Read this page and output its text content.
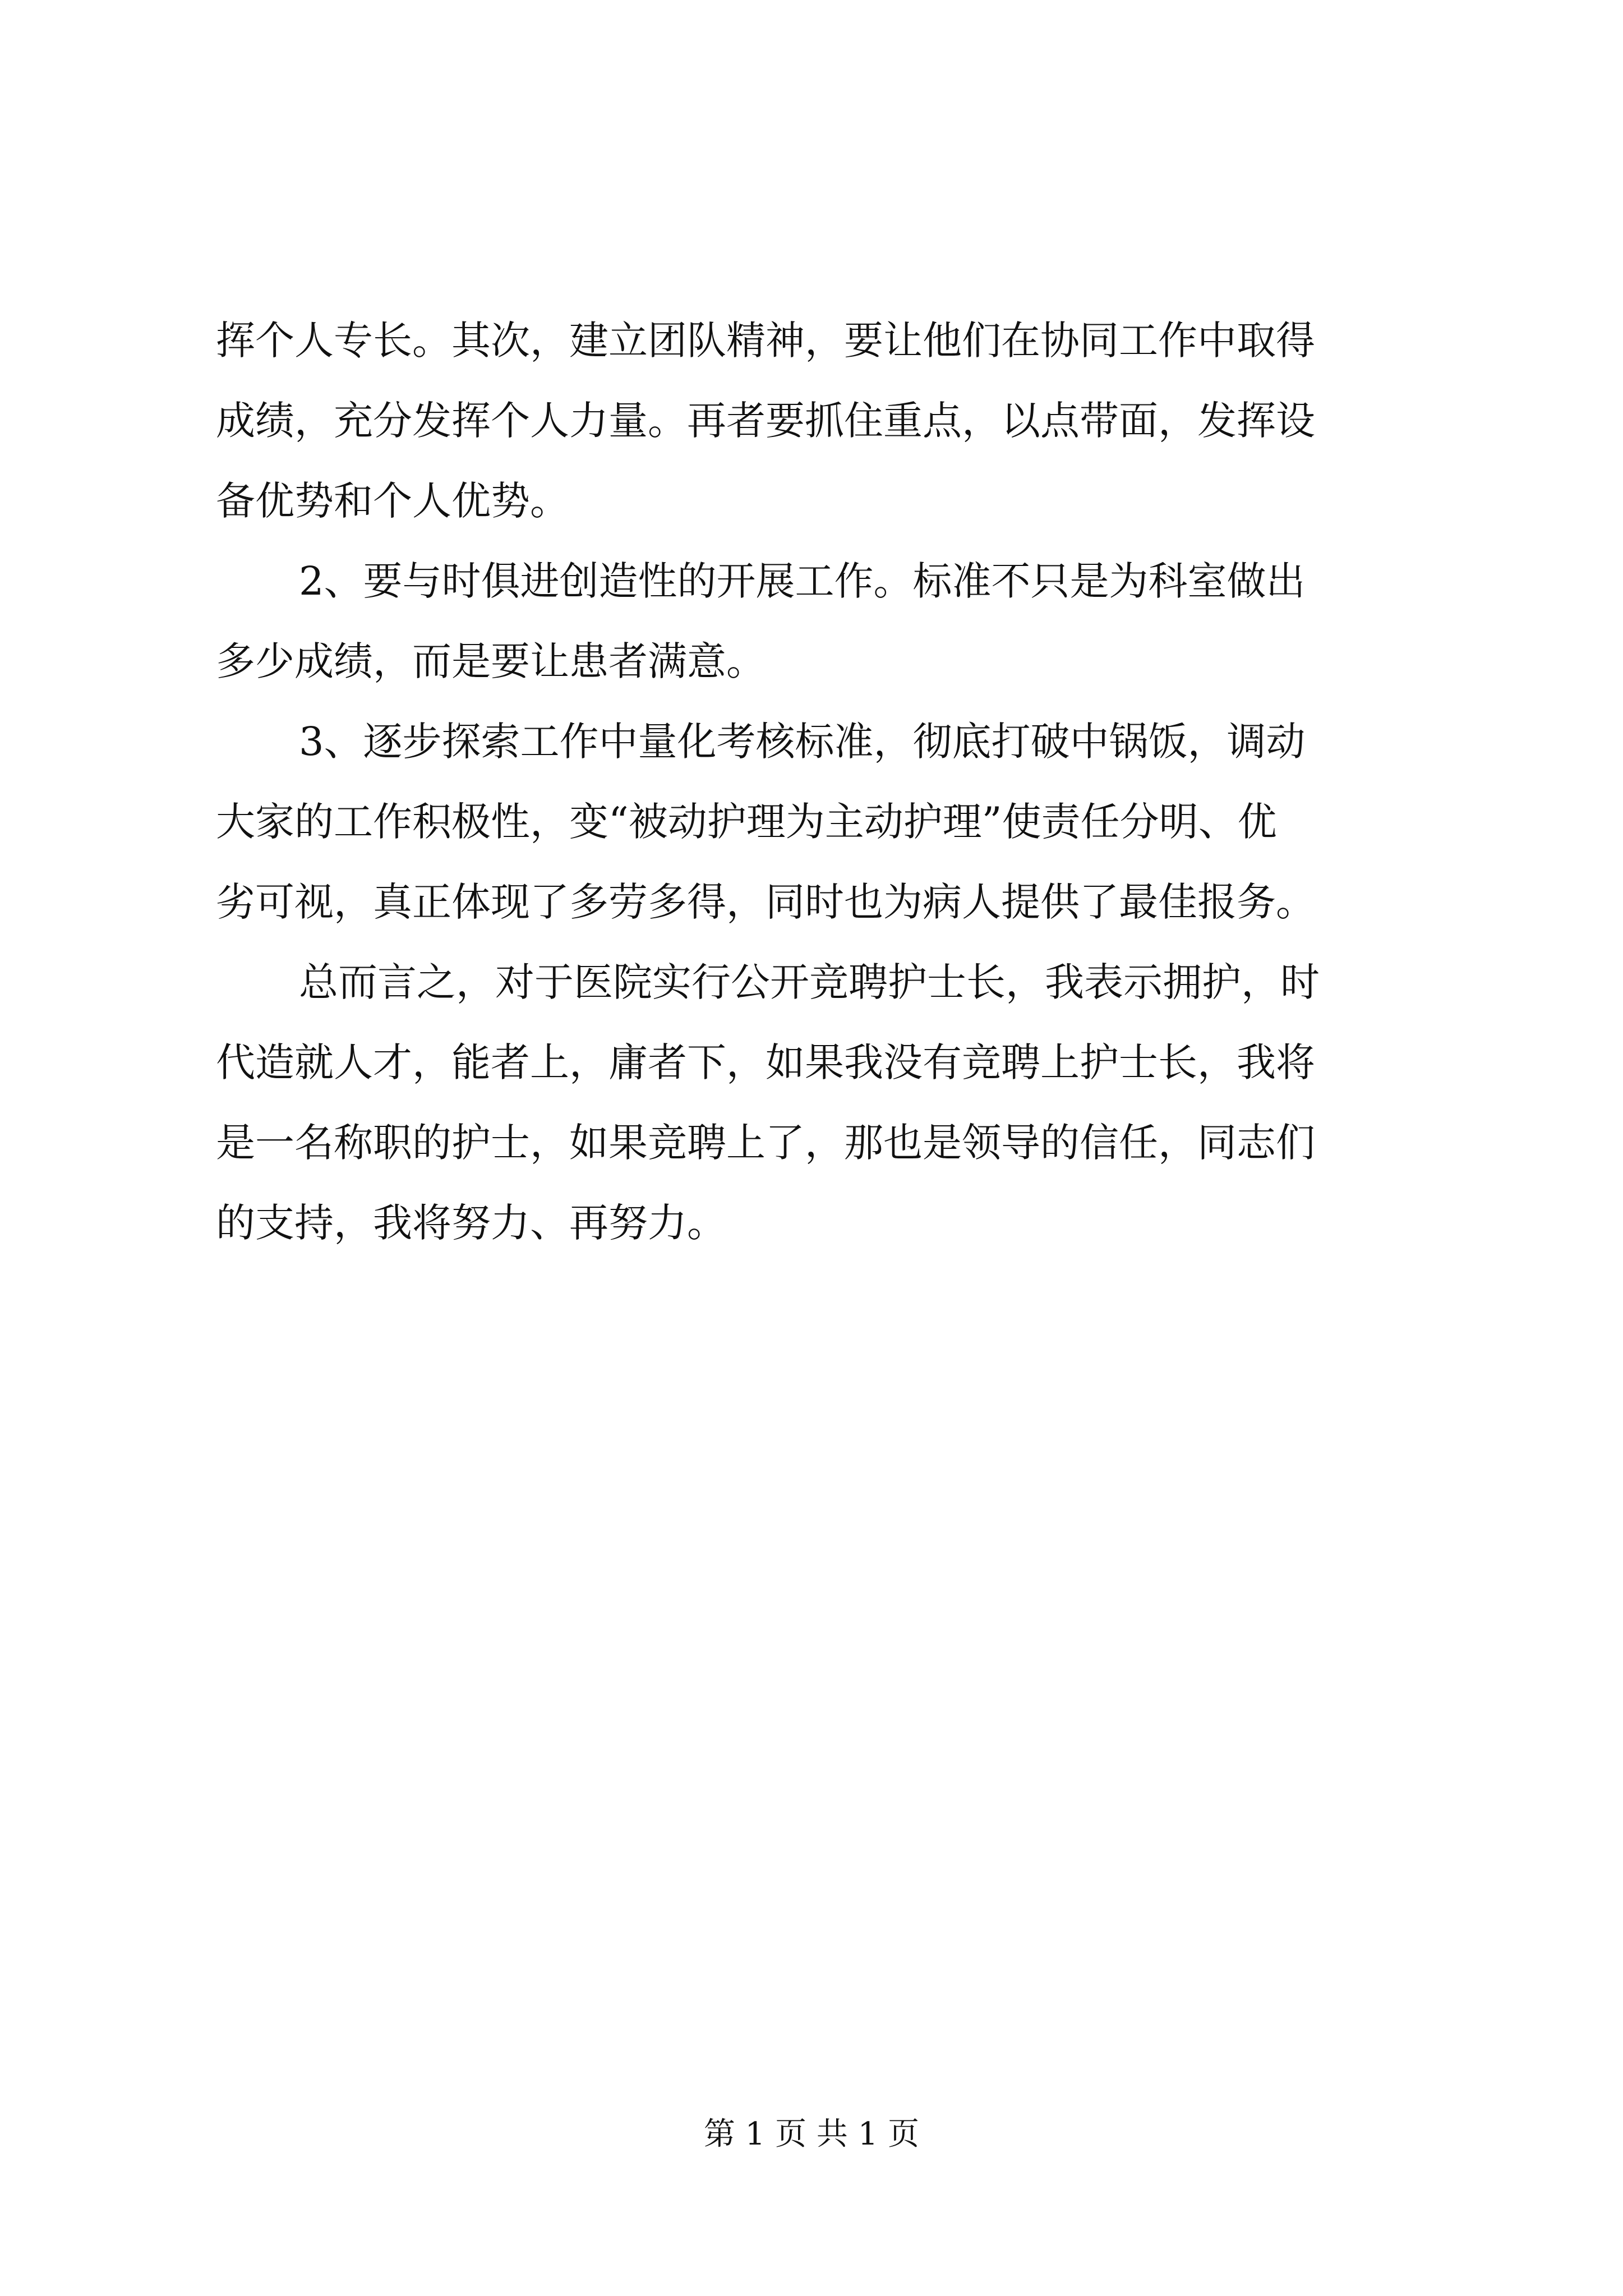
挥个人专长。其次，建立团队精神，要让他们在协同工作中取得
成绩，充分发挥个人力量。再者要抓住重点，以点带面，发挥设
备优势和个人优势。

2、要与时俱进创造性的开展工作。标准不只是为科室做出
多少成绩，而是要让患者满意。

3、逐步探索工作中量化考核标准，彻底打破中锅饭，调动
大家的工作积极性，变“被动护理为主动护理”使责任分明、优
劣可视，真正体现了多劳多得，同时也为病人提供了最佳报务。

总而言之，对于医院实行公开竞聘护士长，我表示拥护，时
代造就人才，能者上，庸者下，如果我没有竞聘上护士长，我将
是一名称职的护士，如果竞聘上了，那也是领导的信任，同志们
的支持，我将努力、再努力。

第 1 页 共 1 页
